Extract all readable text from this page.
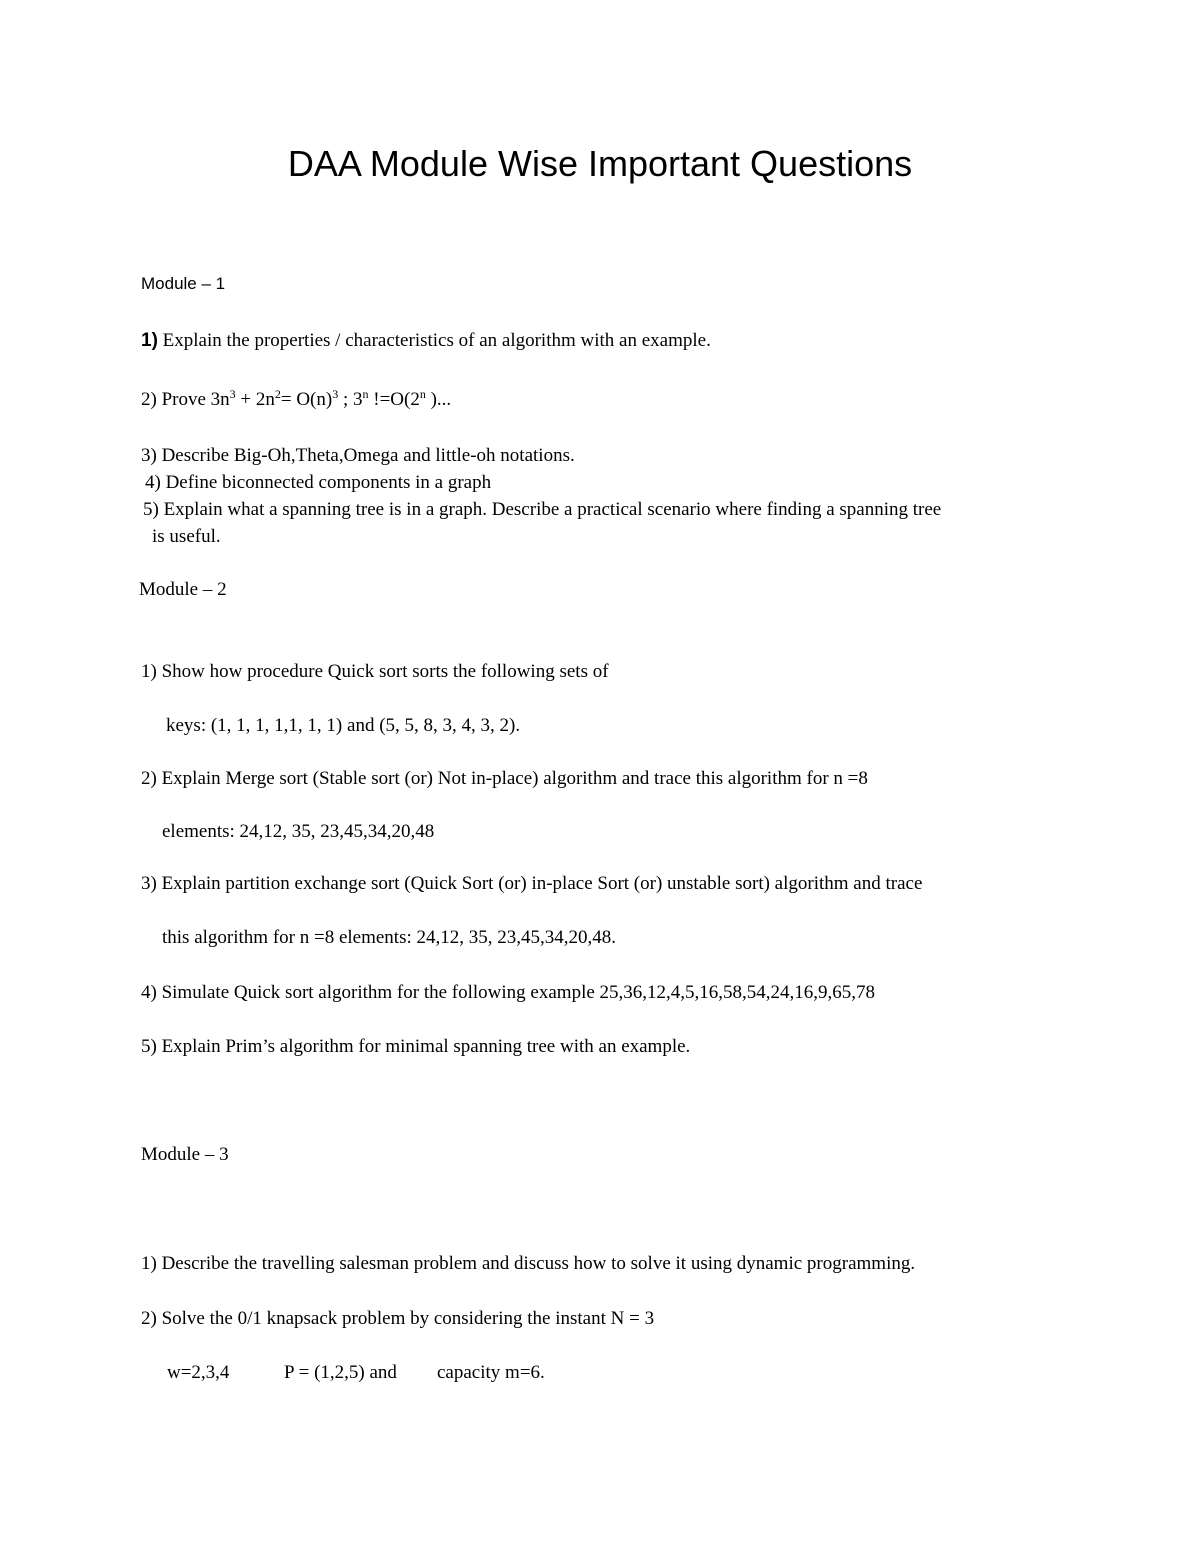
DAA Module Wise Important Questions
Module – 1
1) Explain the properties / characteristics of an algorithm with an example.
2) Prove $3n^3 + 2n^2= O(n)^3$ ; 3$^n$ $!=O(2^n$ )...
3) Describe Big-Oh,Theta,Omega and little-oh notations.
4) Define biconnected components in a graph
5) Explain what a spanning tree is in a graph. Describe a practical scenario where finding a spanning tree
is useful.
Module – 2
1) Show how procedure Quick sort sorts the following sets of
keys: (1, 1, 1, 1,1, 1, 1) and (5, 5, 8, 3, 4, 3, 2).
2) Explain Merge sort (Stable sort (or) Not in-place) algorithm and trace this algorithm for n =8
elements: 24,12, 35, 23,45,34,20,48
3) Explain partition exchange sort (Quick Sort (or) in-place Sort (or) unstable sort) algorithm and trace
this algorithm for n =8 elements: 24,12, 35, 23,45,34,20,48.
4) Simulate Quick sort algorithm for the following example 25,36,12,4,5,16,58,54,24,16,9,65,78
5) Explain Prim’s algorithm for minimal spanning tree with an example.
Module – 3
1) Describe the travelling salesman problem and discuss how to solve it using dynamic programming.
2) Solve the 0/1 knapsack problem by considering the instant N = 3
w=2,3,4	P = (1,2,5) and capacity m=6.
